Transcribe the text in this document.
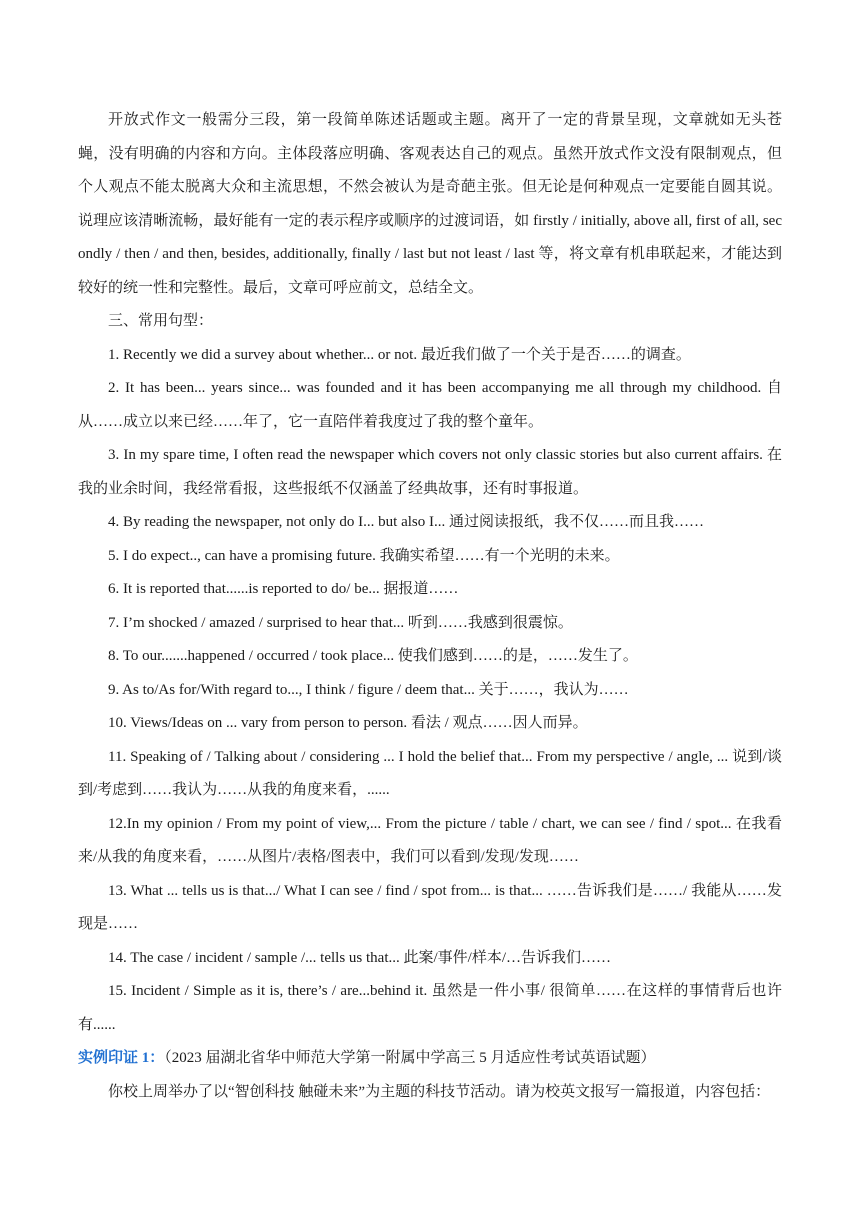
开放式作文一般需分三段，第一段简单陈述话题或主题。离开了一定的背景呈现，文章就如无头苍蝇，没有明确的内容和方向。主体段落应明确、客观表达自己的观点。虽然开放式作文没有限制观点，但个人观点不能太脱离大众和主流思想，不然会被认为是奇葩主张。但无论是何种观点一定要能自圆其说。说理应该清晰流畅，最好能有一定的表示程序或顺序的过渡词语，如 firstly / initially, above all, first of all, secondly / then / and then, besides, additionally, finally / last but not least / last 等，将文章有机串联起来，才能达到较好的统一性和完整性。最后，文章可呼应前文，总结全文。

三、常用句型：

1. Recently we did a survey about whether... or not. 最近我们做了一个关于是否……的调查。

2. It has been... years since... was founded and it has been accompanying me all through my childhood. 自从……成立以来已经……年了，它一直陪伴着我度过了我的整个童年。

3. In my spare time, I often read the newspaper which covers not only classic stories but also current affairs. 在我的业余时间，我经常看报，这些报纸不仅涵盖了经典故事，还有时事报道。

4. By reading the newspaper, not only do I... but also I... 通过阅读报纸，我不仅……而且我……

5. I do expect.., can have a promising future. 我确实希望……有一个光明的未来。

6. It is reported that......is reported to do/ be... 据报道……

7. I’m shocked / amazed / surprised to hear that... 听到……我感到很震惊。

8. To our.......happened / occurred / took place... 使我们感到……的是，……发生了。

9. As to/As for/With regard to..., I think / figure / deem that... 关于……，我认为……

10. Views/Ideas on ... vary from person to person. 看法 / 观点……因人而异。

11. Speaking of / Talking about / considering ... I hold the belief that... From my perspective / angle, ... 说到/谈到/考虑到……我认为……从我的角度来看，......

12.In my opinion / From my point of view,... From the picture / table / chart, we can see / find / spot... 在我看来/从我的角度来看，……从图片/表格/图表中，我们可以看到/发现/发现……

13. What ... tells us is that.../ What I can see / find / spot from... is that... ……告诉我们是……/ 我能从……发现是……

14. The case / incident / sample /... tells us that... 此案/事件/样本/…告诉我们……

15. Incident / Simple as it is, there’s / are...behind it. 虽然是一件小事/ 很简单……在这样的事情背后也许有......

实例印证 1：（2023 届湖北省华中师范大学第一附属中学高三 5 月适应性考试英语试题）

你校上周举办了以“智创科技 触碰未来”为主题的科技节活动。请为校英文报写一篇报道，内容包括：
